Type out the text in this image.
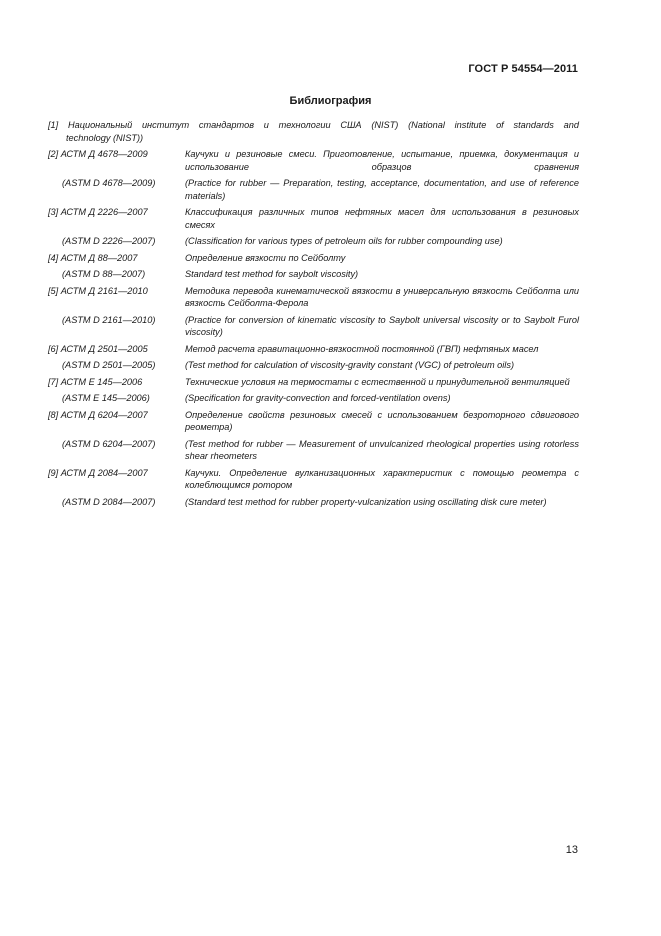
ГОСТ Р 54554—2011
Библиография
[1] Национальный институт стандартов и технологии США (NIST) (National institute of standards and
technology (NIST))
[2] АСТМ Д 4678—2009	Каучуки и резиновые смеси. Приготовление, испытание, приемка, документация и использование образцов сравнения
(ASTM D 4678—2009)	(Practice for rubber — Preparation, testing, acceptance, documentation, and use of reference materials)
[3] АСТМ Д 2226—2007	Классификация различных типов нефтяных масел для использования в резиновых смесях
(ASTM D 2226—2007)	(Classification for various types of petroleum oils for rubber compounding use)
[4] АСТМ Д 88—2007	Определение вязкости по Сейболту
(ASTM D 88—2007)	Standard test method for saybolt viscosity)
[5] АСТМ Д 2161—2010	Методика перевода кинематической вязкости в универсальную вязкость Сейболта или вязкость Сейболта-Ферола
(ASTM D 2161—2010)	(Practice for conversion of kinematic viscosity to Saybolt universal viscosity or to Saybolt Furol viscosity)
[6] АСТМ Д 2501—2005	Метод расчета гравитационно-вязкостной постоянной (ГВП) нефтяных масел
(ASTM D 2501—2005)	(Test method for calculation of viscosity-gravity constant (VGC) of petroleum oils)
[7] АСТМ Е 145—2006	Технические условия на термостаты с естественной и принудительной вентиляцией
(ASTM E 145—2006)	(Specification for gravity-convection and forced-ventilation ovens)
[8] АСТМ Д 6204—2007	Определение свойств резиновых смесей с использованием безроторного сдвигового реометра)
(ASTM D 6204—2007)	(Test method for rubber — Measurement of unvulcanized rheological properties using rotorless shear rheometers
[9] АСТМ Д 2084—2007	Каучуки. Определение вулканизационных характеристик с помощью реометра с колеблющимся ротором
(ASTM D 2084—2007)	(Standard test method for rubber property-vulcanization using oscillating disk cure meter)
13
